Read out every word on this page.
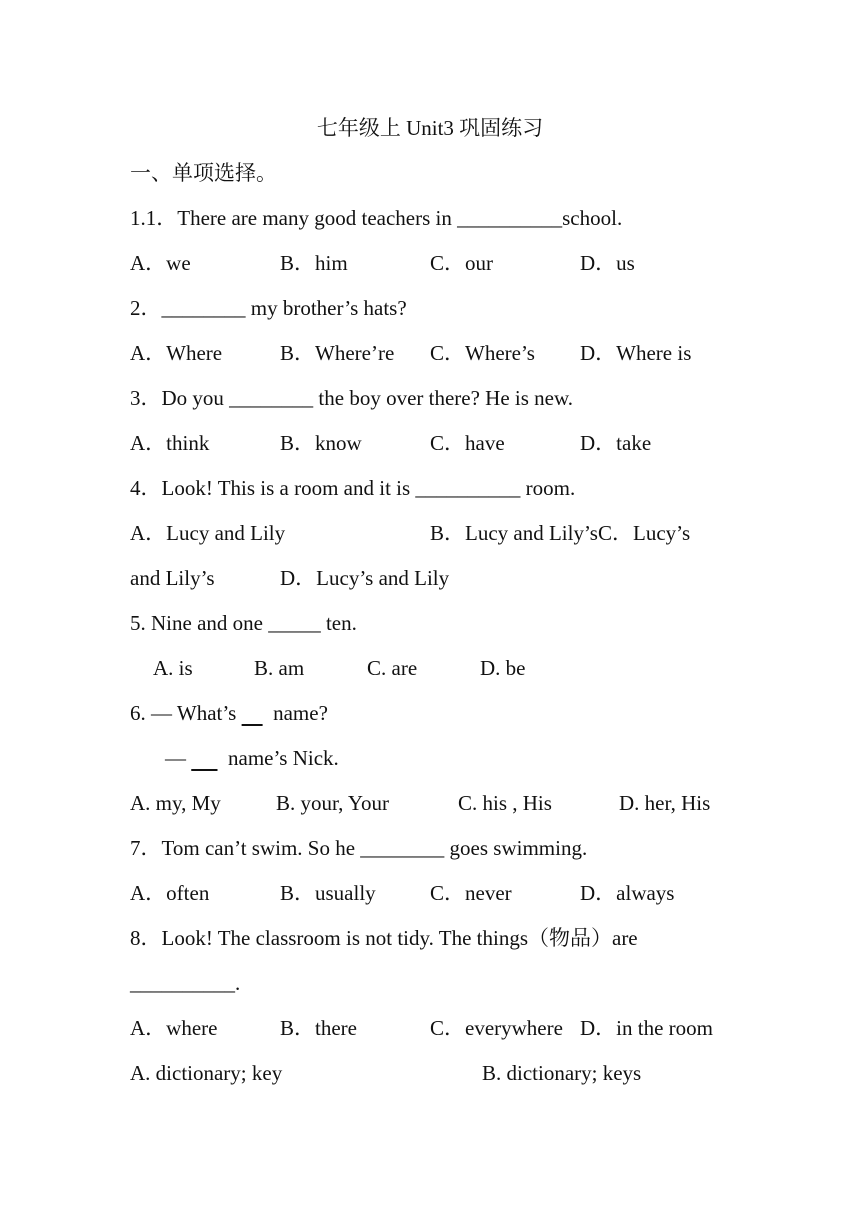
七年级上 Unit3 巩固练习
一、单项选择。
1.1．There are many good teachers in __________school.
A．we	B．him	C．our	D．us
2．________ my brother’s hats?
A．Where	B．Where’re C．Where’s D．Where is
3．Do you ________ the boy over there? He is new.
A．think	B．know	C．have	D．take
4．Look! This is a room and it is __________ room.
A．Lucy and Lily	B．Lucy and Lily’sC．Lucy’s
and Lily’s	D．Lucy’s and Lily
5. Nine and one _____ ten.
A. is	B. am	C. are	D. be
6. — What’s       name?
—        name’s Nick.
A. my, My	B. your, Your	C. his , His	D. her, His
7．Tom can’t swim. So he ________ goes swimming.
A．often	B．usually	C．never	D．always
8．Look! The classroom is not tidy. The things（物品）are
__________.
A．where	B．there	C．everywhere D．in the room
A. dictionary; key	B. dictionary; keys
